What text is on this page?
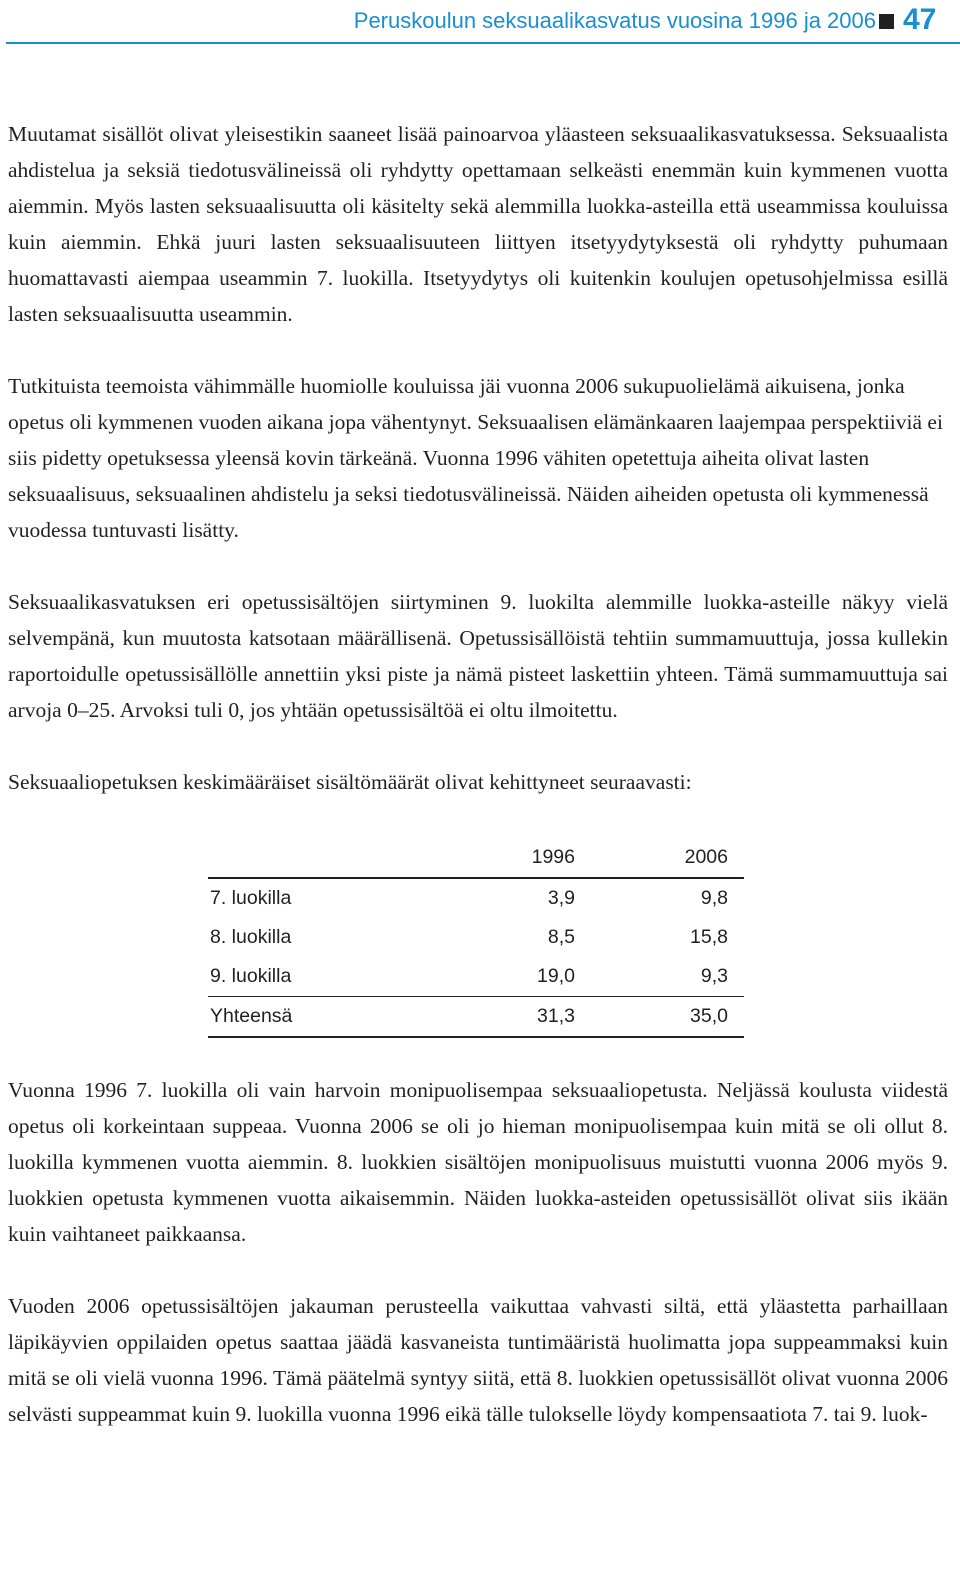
Peruskoulun seksuaalikasvatus vuosina 1996 ja 2006 47

Muutamat sisällöt olivat yleisestikin saaneet lisää painoarvoa yläasteen seksuaalikasvatuksessa. Seksuaalista ahdistelua ja seksiä tiedotusvälineissä oli ryhdytty opettamaan selkeästi enemmän kuin kymmenen vuotta aiemmin. Myös lasten seksuaalisuutta oli käsitelty sekä alemmilla luokka-asteilla että useammissa kouluissa kuin aiemmin. Ehkä juuri lasten seksuaalisuuteen liittyen itsetyydytyksestä oli ryhdytty puhumaan huomattavasti aiempaa useammin 7. luokilla. Itsetyydytys oli kuitenkin koulujen opetusohjelmissa esillä lasten seksuaalisuutta useammin.

Tutkituista teemoista vähimmälle huomiolle kouluissa jäi vuonna 2006 sukupuolielämä aikuisena, jonka opetus oli kymmenen vuoden aikana jopa vähentynyt. Seksuaalisen elämänkaaren laajempaa perspektiiviä ei siis pidetty opetuksessa yleensä kovin tärkeänä. Vuonna 1996 vähiten opetettuja aiheita olivat lasten seksuaalisuus, seksuaalinen ahdistelu ja seksi tiedotusvälineissä. Näiden aiheiden opetusta oli kymmenessä vuodessa tuntuvasti lisätty.

Seksuaalikasvatuksen eri opetussisältöjen siirtyminen 9. luokilta alemmille luokka-asteille näkyy vielä selvempänä, kun muutosta katsotaan määrällisenä. Opetussisällöistä tehtiin summamuuttuja, jossa kullekin raportoidulle opetussisällölle annettiin yksi piste ja nämä pisteet laskettiin yhteen. Tämä summamuuttuja sai arvoja 0–25. Arvoksi tuli 0, jos yhtään opetussisältöä ei oltu ilmoitettu.

Seksuaaliopetuksen keskimääräiset sisältömäärät olivat kehittyneet seuraavasti:

	1996	2006
7. luokilla	3,9	9,8
8. luokilla	8,5	15,8
9. luokilla	19,0	9,3
Yhteensä	31,3	35,0

Vuonna 1996 7. luokilla oli vain harvoin monipuolisempaa seksuaaliopetusta. Neljässä koulusta viidestä opetus oli korkeintaan suppeaa. Vuonna 2006 se oli jo hieman monipuolisempaa kuin mitä se oli ollut 8. luokilla kymmenen vuotta aiemmin. 8. luokkien sisältöjen monipuolisuus muistutti vuonna 2006 myös 9. luokkien opetusta kymmenen vuotta aikaisemmin. Näiden luokka-asteiden opetussisällöt olivat siis ikään kuin vaihtaneet paikkaansa.

Vuoden 2006 opetussisältöjen jakauman perusteella vaikuttaa vahvasti siltä, että yläastetta parhaillaan läpikäyvien oppilaiden opetus saattaa jäädä kasvaneista tuntimääristä huolimatta jopa suppeammaksi kuin mitä se oli vielä vuonna 1996. Tämä päätelmä syntyy siitä, että 8. luokkien opetussisällöt olivat vuonna 2006 selvästi suppeammat kuin 9. luokilla vuonna 1996 eikä tälle tulokselle löydy kompensaatiota 7. tai 9. luok-
